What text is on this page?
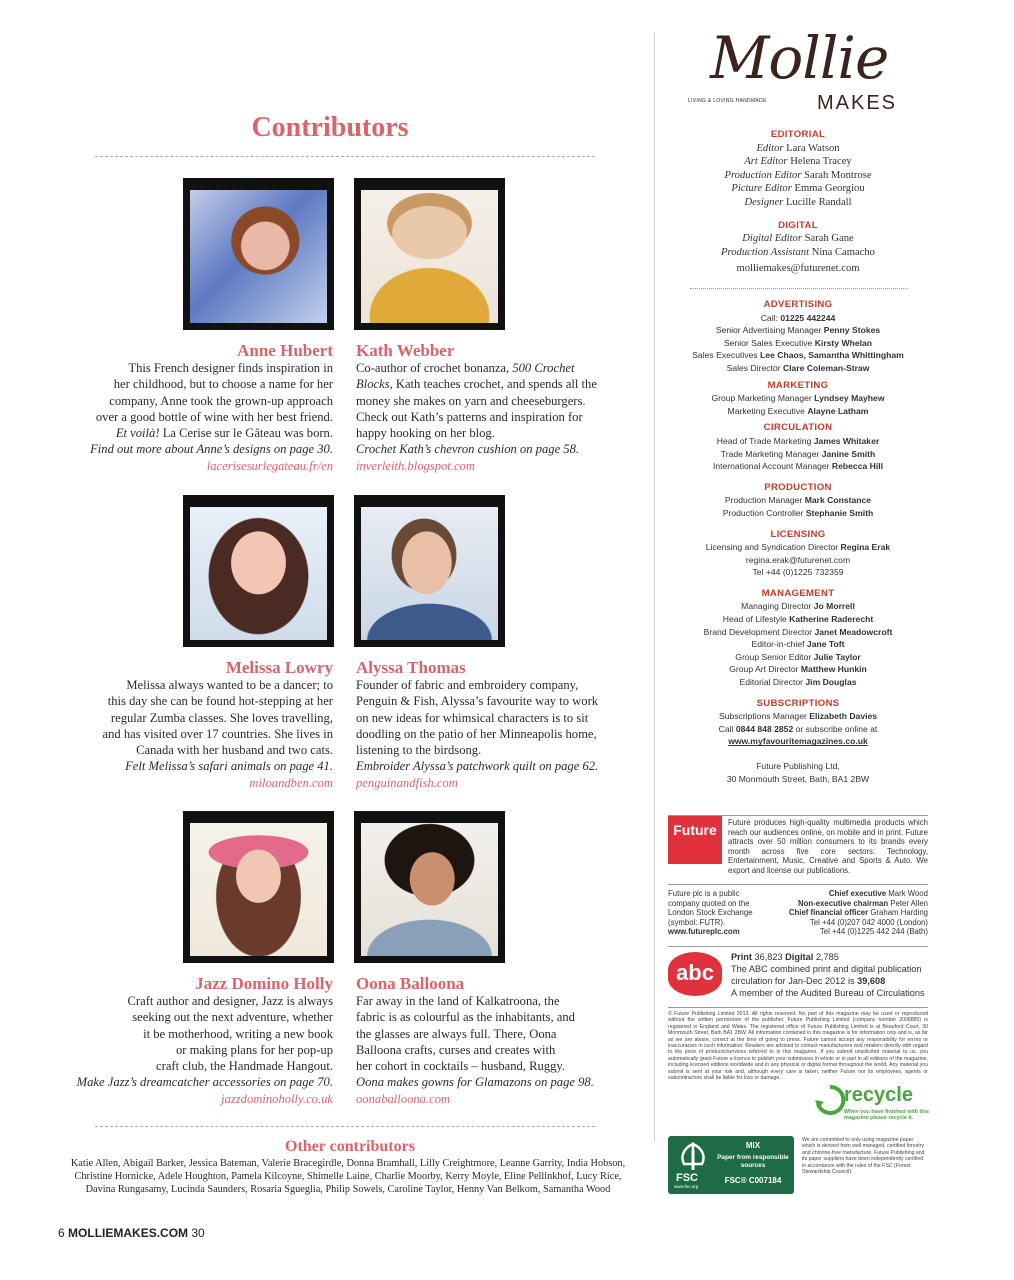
Contributors
Anne Hubert
This French designer finds inspiration in
her childhood, but to choose a name for her
company, Anne took the grown-up approach
over a good bottle of wine with her best friend.
Et voilà! La Cerise sur le Gâteau was born.
Find out more about Anne’s designs on page 30.
lacerisesurlegateau.fr/en
Kath Webber
Co-author of crochet bonanza, 500 Crochet
Blocks, Kath teaches crochet, and spends all the
money she makes on yarn and cheeseburgers.
Check out Kath’s patterns and inspiration for
happy hooking on her blog.
Crochet Kath’s chevron cushion on page 58.
inverleith.blogspot.com
Melissa Lowry
Melissa always wanted to be a dancer; to
this day she can be found hot-stepping at her
regular Zumba classes. She loves travelling,
and has visited over 17 countries. She lives in
Canada with her husband and two cats.
Felt Melissa’s safari animals on page 41.
miloandben.com
Alyssa Thomas
Founder of fabric and embroidery company,
Penguin & Fish, Alyssa’s favourite way to work
on new ideas for whimsical characters is to sit
doodling on the patio of her Minneapolis home,
listening to the birdsong.
Embroider Alyssa’s patchwork quilt on page 62.
penguinandfish.com
Jazz Domino Holly
Craft author and designer, Jazz is always
seeking out the next adventure, whether
it be motherhood, writing a new book
or making plans for her pop-up
craft club, the Handmade Hangout.
Make Jazz’s dreamcatcher accessories on page 70.
jazzdominoholly.co.uk
Oona Balloona
Far away in the land of Kalkatroona, the
fabric is as colourful as the inhabitants, and
the glasses are always full. There, Oona
Balloona crafts, curses and creates with
her cohort in cocktails – husband, Ruggy.
Oona makes gowns for Glamazons on page 98.
oonaballoona.com
Other contributors
Katie Allen, Abigail Barker, Jessica Bateman, Valerie Bracegirdle, Donna Bramhall, Lilly Creightmore, Leanne Garrity, India Hobson,
Christine Hornicke, Adele Houghton, Pamela Kilcoyne, Shimelle Laine, Charlie Moorby, Kerry Moyle, Eline Pellinkhof, Lucy Rice,
Davina Rungasamy, Lucinda Saunders, Rosaria Sgueglia, Philip Sowels, Caroline Taylor, Henny Van Belkom, Samantha Wood
6 MOLLIEMAKES.COM 30
Mollie
MAKES
LIVING & LOVING HANDMADE
EDITORIAL
Editor Lara Watson
Art Editor Helena Tracey
Production Editor Sarah Montrose
Picture Editor Emma Georgiou
Designer Lucille Randall
DIGITAL
Digital Editor Sarah Gane
Production Assistant Nina Camacho
molliemakes@futurenet.com
ADVERTISING
Call: 01225 442244
Senior Advertising Manager Penny Stokes
Senior Sales Executive Kirsty Whelan
Sales Executives Lee Chaos, Samantha Whittingham
Sales Director Clare Coleman-Straw
MARKETING
Group Marketing Manager Lyndsey Mayhew
Marketing Executive Alayne Latham
CIRCULATION
Head of Trade Marketing James Whitaker
Trade Marketing Manager Janine Smith
International Account Manager Rebecca Hill
PRODUCTION
Production Manager Mark Constance
Production Controller Stephanie Smith
LICENSING
Licensing and Syndication Director Regina Erak
regina.erak@futurenet.com
Tel +44 (0)1225 732359
MANAGEMENT
Managing Director Jo Morrell
Head of Lifestyle Katherine Raderecht
Brand Development Director Janet Meadowcroft
Editor-in-chief Jane Toft
Group Senior Editor Julie Taylor
Group Art Director Matthew Hunkin
Editorial Director Jim Douglas
SUBSCRIPTIONS
Subscriptions Manager Elizabeth Davies
Call 0844 848 2852 or subscribe online at
www.myfavouritemagazines.co.uk
Future Publishing Ltd,
30 Monmouth Street, Bath, BA1 2BW
Future	Future produces high-quality multimedia products which reach our audiences online, on mobile and in print. Future attracts over 50 million consumers to its brands every month across five core sectors: Technology, Entertainment, Music, Creative and Sports & Auto. We export and license our publications.
Future plc is a public
company quoted on the
London Stock Exchange
(symbol: FUTR).
www.futureplc.com
Chief executive Mark Wood
Non-executive chairman Peter Allen
Chief financial officer Graham Harding
Tel +44 (0)207 042 4000 (London)
Tel +44 (0)1225 442 244 (Bath)
abc
Print 36,823 Digital 2,785
The ABC combined print and digital publication
circulation for Jan-Dec 2012 is 39,608
A member of the Audited Bureau of Circulations
© Future Publishing Limited 2013. All rights reserved. No part of this magazine may be used or reproduced without the written permission of the publisher. Future Publishing Limited (company number 2008885) is registered in England and Wales. The registered office of Future Publishing Limited is at Beauford Court, 30 Monmouth Street, Bath BA1 2BW. All information contained in this magazine is for information only and is, as far as we are aware, correct at the time of going to press. Future cannot accept any responsibility for errors or inaccuracies in such information. Readers are advised to contact manufacturers and retailers directly with regard to the price of products/services referred to in this magazine. If you submit unsolicited material to us, you automatically grant Future a licence to publish your submission in whole or in part in all editions of the magazine, including licensed editions worldwide and in any physical or digital format throughout the world. Any material you submit is sent at your risk and, although every care is taken, neither Future nor its employees, agents or subcontractors shall be liable for loss or damage.
recycle
When you have finished with this magazine please recycle it.
FSC
www.fsc.org
MIX
Paper from responsible sources
FSC® C007184
We are committed to only using magazine paper which is derived from well managed, certified forestry and chlorine-free manufacture. Future Publishing and its paper suppliers have been independently certified in accordance with the rules of the FSC (Forest Stewardship Council).
